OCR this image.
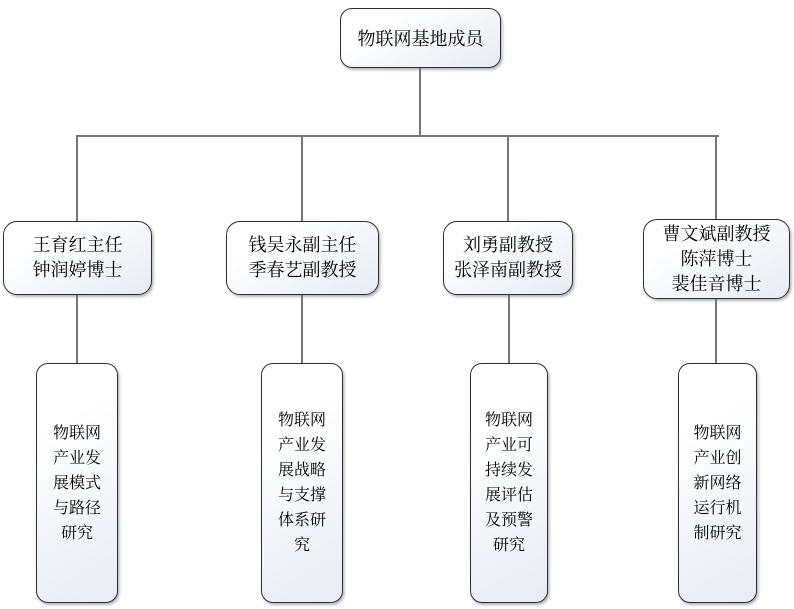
物联网基地成员
王育红主任
钟润婷博士
钱吴永副主任
季春艺副教授
刘勇副教授
张泽南副教授
曹文斌副教授
陈萍博士
裴佳音博士
物联网
产业发
展模式
与路径
研究
物联网
产业发
展战略
与支撑
体系研
究
物联网
产业可
持续发
展评估
及预警
研究
物联网
产业创
新网络
运行机
制研究
